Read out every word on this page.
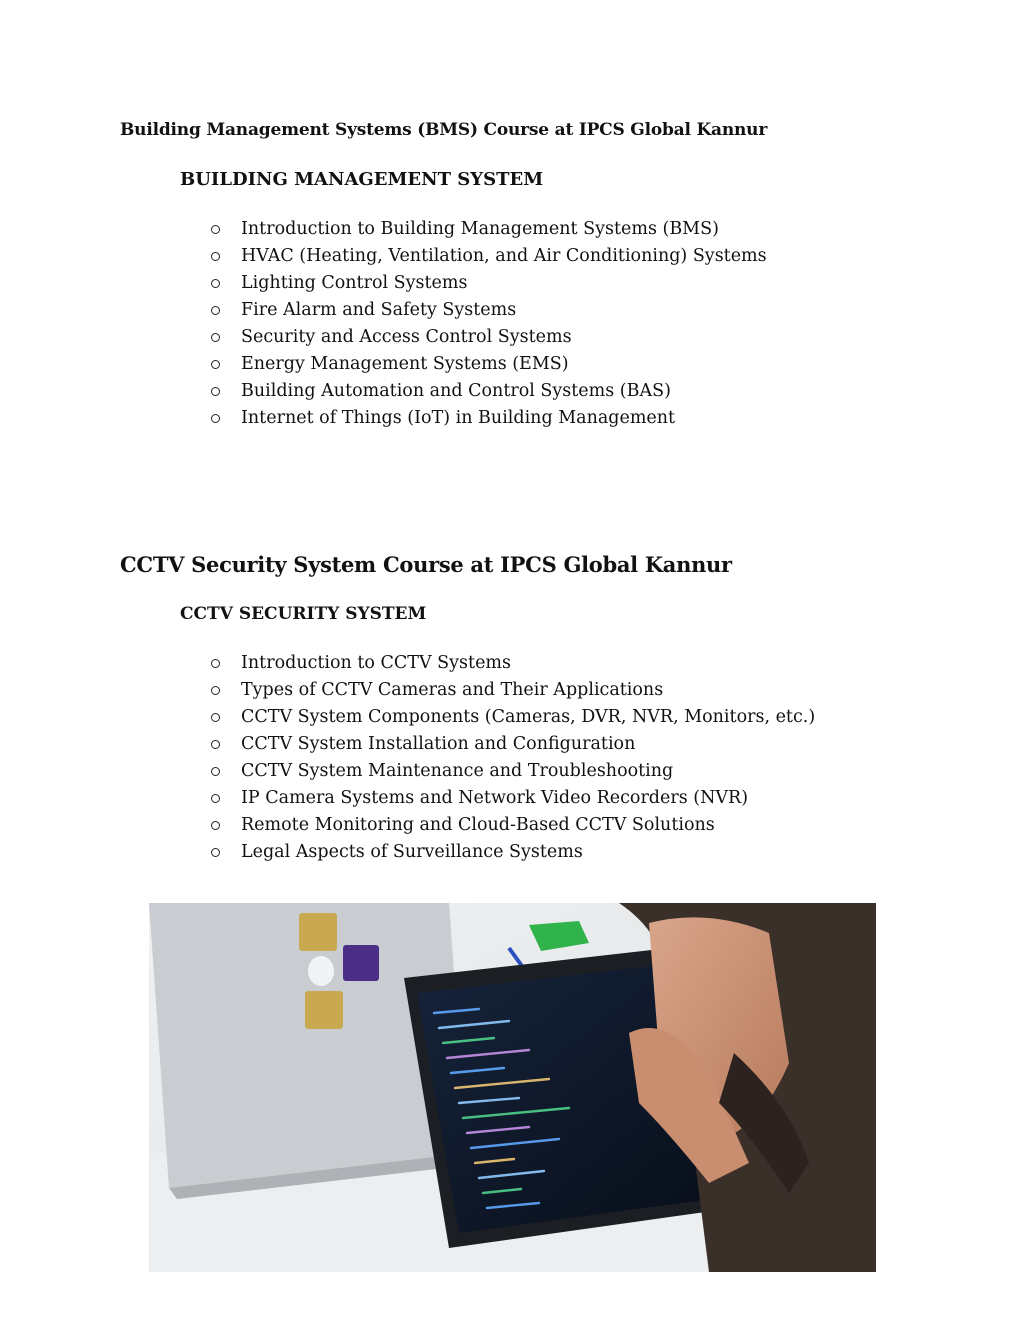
Building Management Systems (BMS) Course at IPCS Global Kannur
BUILDING MANAGEMENT SYSTEM
Introduction to Building Management Systems (BMS)
HVAC (Heating, Ventilation, and Air Conditioning) Systems
Lighting Control Systems
Fire Alarm and Safety Systems
Security and Access Control Systems
Energy Management Systems (EMS)
Building Automation and Control Systems (BAS)
Internet of Things (IoT) in Building Management
CCTV Security System Course at IPCS Global Kannur
CCTV SECURITY SYSTEM
Introduction to CCTV Systems
Types of CCTV Cameras and Their Applications
CCTV System Components (Cameras, DVR, NVR, Monitors, etc.)
CCTV System Installation and Configuration
CCTV System Maintenance and Troubleshooting
IP Camera Systems and Network Video Recorders (NVR)
Remote Monitoring and Cloud-Based CCTV Solutions
Legal Aspects of Surveillance Systems
